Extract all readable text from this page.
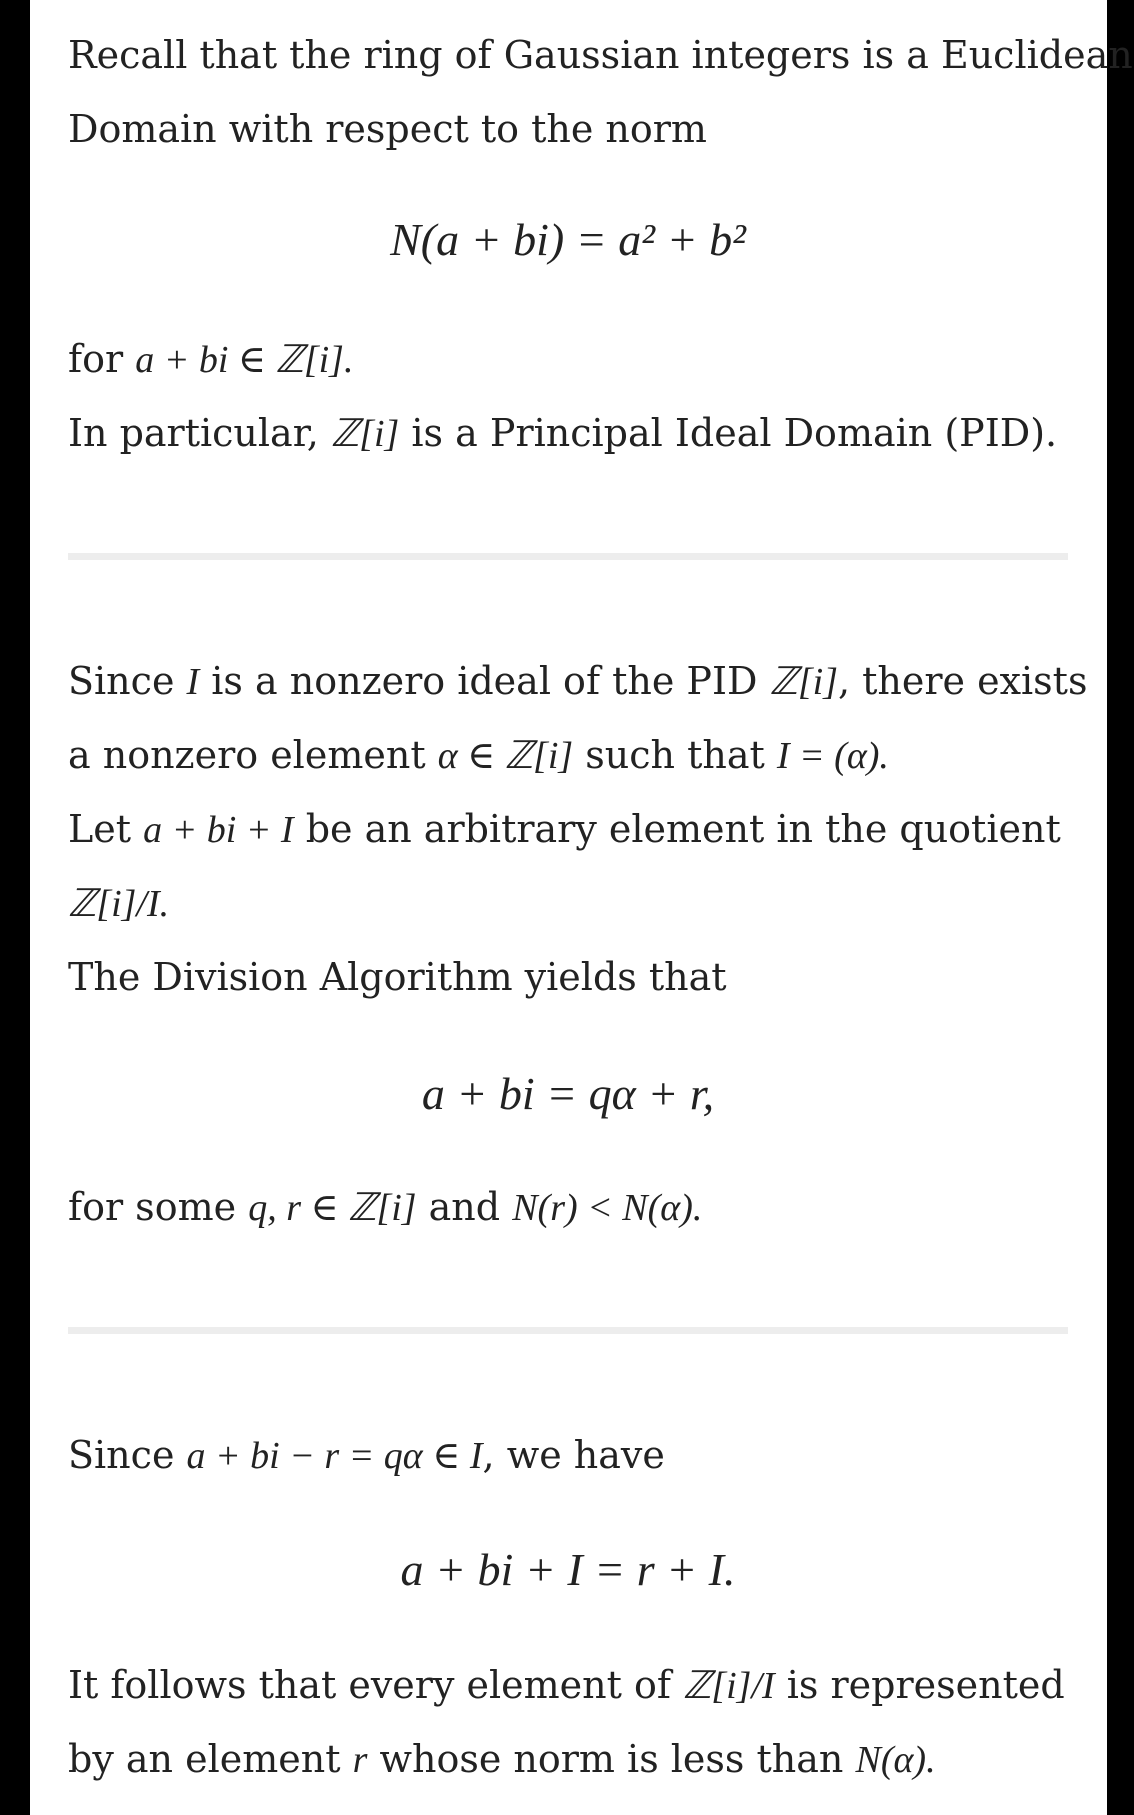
Recall that the ring of Gaussian integers is a Euclidean
Domain with respect to the norm
N(a + bi) = a² + b²
for a + bi ∈ ℤ[i].
In particular, ℤ[i] is a Principal Ideal Domain (PID).
Since I is a nonzero ideal of the PID ℤ[i], there exists
a nonzero element α ∈ ℤ[i] such that I = (α).
Let a + bi + I be an arbitrary element in the quotient
ℤ[i]/I.
The Division Algorithm yields that
a + bi = qα + r,
for some q, r ∈ ℤ[i] and N(r) < N(α).
Since a + bi − r = qα ∈ I, we have
a + bi + I = r + I.
It follows that every element of ℤ[i]/I is represented
by an element r whose norm is less than N(α).
